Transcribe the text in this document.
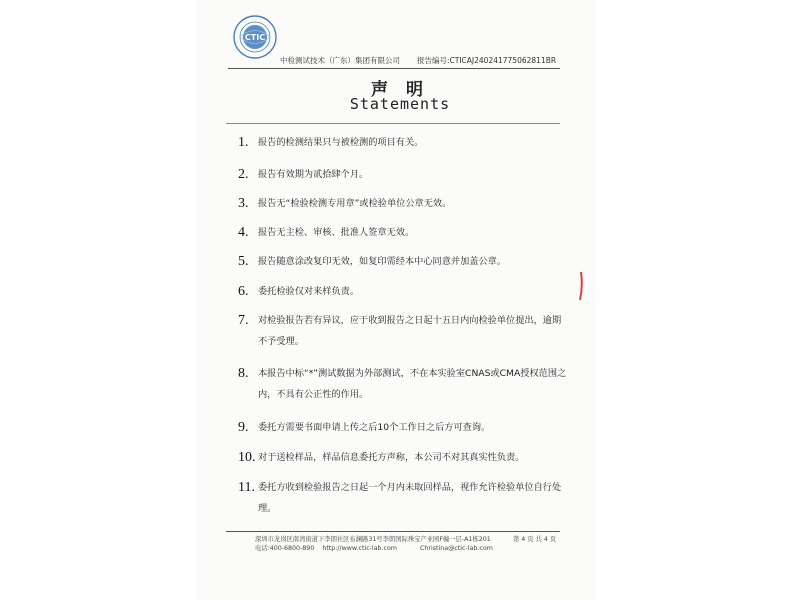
CTIC
中检测试技术（广东）集团有限公司 报告编号:CTICAJ240241775062811BR
声 明
Statements
1. 报告的检测结果只与被检测的项目有关。
2. 报告有效期为贰拾肆个月。
3. 报告无“检验检测专用章”或检验单位公章无效。
4. 报告无主检、审核、批准人签章无效。
5. 报告随意涂改复印无效，如复印需经本中心同意并加盖公章。
6. 委托检验仅对来样负责。
7. 对检验报告若有异议，应于收到报告之日起十五日内向检验单位提出，逾期不予受理。
8. 本报告中标“*”测试数据为外部测试，不在本实验室CNAS或CMA授权范围之内，不具有公正性的作用。
9. 委托方需要书面申请上传之后10个工作日之后方可查询。
10. 对于送检样品，样品信息委托方声称，本公司不对其真实性负责。
11. 委托方收到检验报告之日起一个月内未取回样品，视作允许检验单位自行处理。
深圳市龙岗区南湾街道下李朗社区布澜路31号李朗国际珠宝产业园F幢一层-A1栋201	第 4 页 共 4 页
电话:400-6800-890 http://www.ctic-lab.com	Christina@ctic-lab.com
